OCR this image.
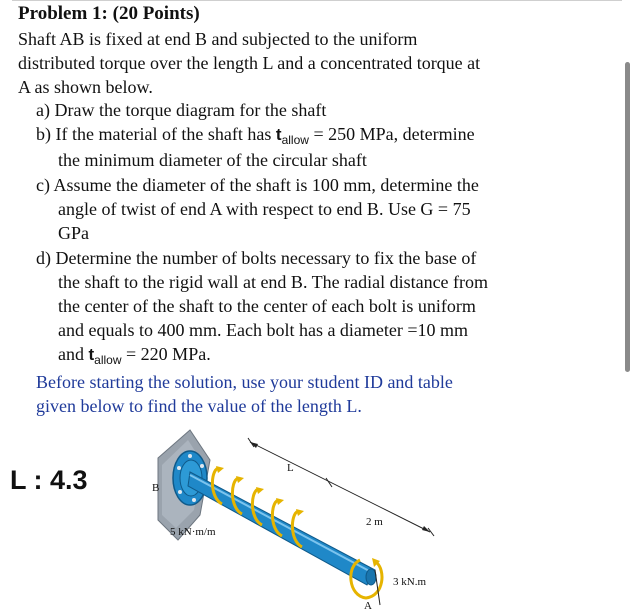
Problem 1: (20 Points)
Shaft AB is fixed at end B and subjected to the uniform
distributed torque over the length L and a concentrated torque at
A as shown below.
a) Draw the torque diagram for the shaft
b) If the material of the shaft has $t_{allow} = 250$ MPa, determine
the minimum diameter of the circular shaft
c) Assume the diameter of the shaft is 100 mm, determine the
angle of twist of end A with respect to end B. Use G = 75
GPa
d) Determine the number of bolts necessary to fix the base of
the shaft to the rigid wall at end B. The radial distance from
the center of the shaft to the center of each bolt is uniform
and equals to 400 mm. Each bolt has a diameter =10 mm
and $t_{allow} = 220$ MPa.
Before starting the solution, use your student ID and table
given below to find the value of the length L.
L : 4.3	B
L
2 m
5 kN·m/m
3 kN.m
A
